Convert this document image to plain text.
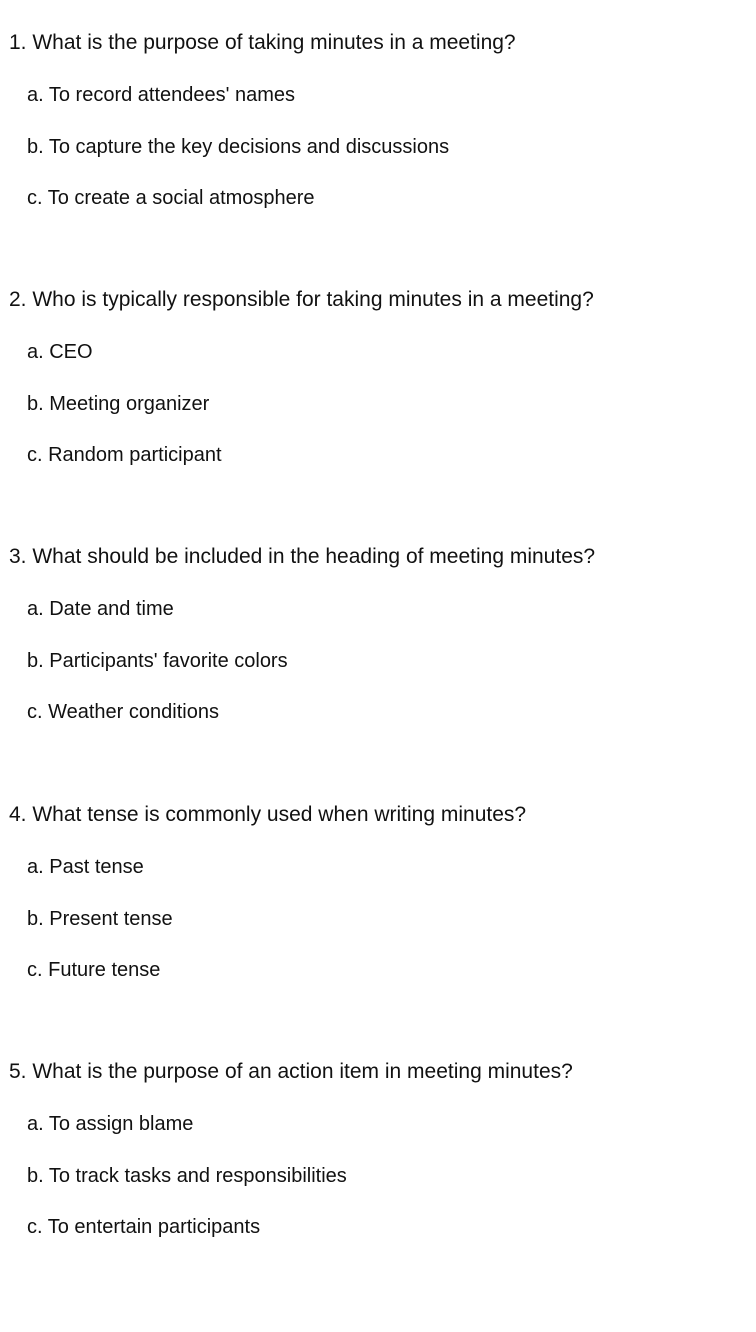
1. What is the purpose of taking minutes in a meeting?
a. To record attendees' names
b. To capture the key decisions and discussions
c. To create a social atmosphere
2. Who is typically responsible for taking minutes in a meeting?
a. CEO
b. Meeting organizer
c. Random participant
3. What should be included in the heading of meeting minutes?
a. Date and time
b. Participants' favorite colors
c. Weather conditions
4. What tense is commonly used when writing minutes?
a. Past tense
b. Present tense
c. Future tense
5. What is the purpose of an action item in meeting minutes?
a. To assign blame
b. To track tasks and responsibilities
c. To entertain participants
